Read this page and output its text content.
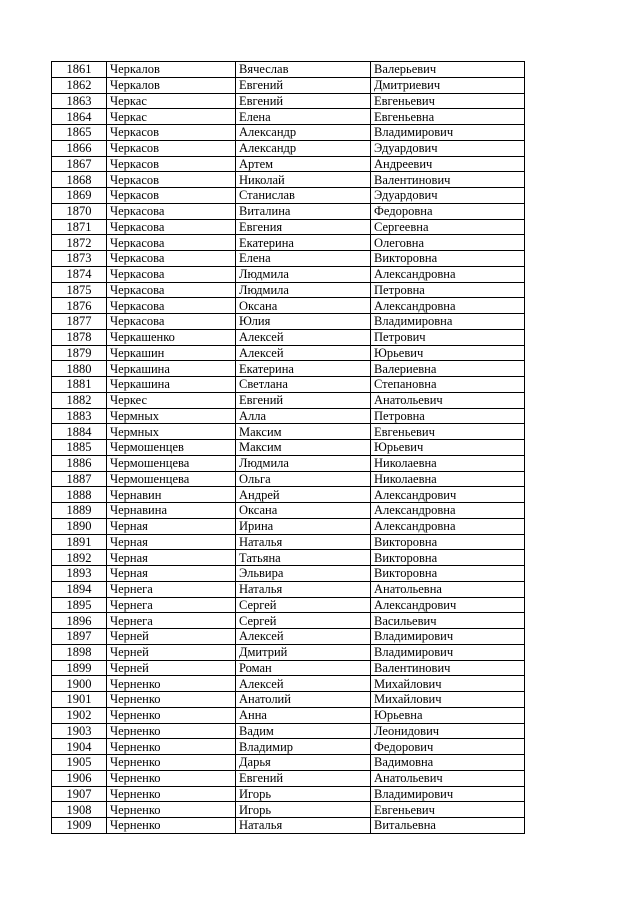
1861	Черкалов	Вячеслав	Валерьевич
1862	Черкалов	Евгений	Дмитриевич
1863	Черкас	Евгений	Евгеньевич
1864	Черкас	Елена	Евгеньевна
1865	Черкасов	Александр	Владимирович
1866	Черкасов	Александр	Эдуардович
1867	Черкасов	Артем	Андреевич
1868	Черкасов	Николай	Валентинович
1869	Черкасов	Станислав	Эдуардович
1870	Черкасова	Виталина	Федоровна
1871	Черкасова	Евгения	Сергеевна
1872	Черкасова	Екатерина	Олеговна
1873	Черкасова	Елена	Викторовна
1874	Черкасова	Людмила	Александровна
1875	Черкасова	Людмила	Петровна
1876	Черкасова	Оксана	Александровна
1877	Черкасова	Юлия	Владимировна
1878	Черкашенко	Алексей	Петрович
1879	Черкашин	Алексей	Юрьевич
1880	Черкашина	Екатерина	Валериевна
1881	Черкашина	Светлана	Степановна
1882	Черкес	Евгений	Анатольевич
1883	Чермных	Алла	Петровна
1884	Чермных	Максим	Евгеньевич
1885	Чермошенцев	Максим	Юрьевич
1886	Чермошенцева	Людмила	Николаевна
1887	Чермошенцева	Ольга	Николаевна
1888	Чернавин	Андрей	Александрович
1889	Чернавина	Оксана	Александровна
1890	Черная	Ирина	Александровна
1891	Черная	Наталья	Викторовна
1892	Черная	Татьяна	Викторовна
1893	Черная	Эльвира	Викторовна
1894	Чернега	Наталья	Анатольевна
1895	Чернега	Сергей	Александрович
1896	Чернега	Сергей	Васильевич
1897	Черней	Алексей	Владимирович
1898	Черней	Дмитрий	Владимирович
1899	Черней	Роман	Валентинович
1900	Черненко	Алексей	Михайлович
1901	Черненко	Анатолий	Михайлович
1902	Черненко	Анна	Юрьевна
1903	Черненко	Вадим	Леонидович
1904	Черненко	Владимир	Федорович
1905	Черненко	Дарья	Вадимовна
1906	Черненко	Евгений	Анатольевич
1907	Черненко	Игорь	Владимирович
1908	Черненко	Игорь	Евгеньевич
1909	Черненко	Наталья	Витальевна
